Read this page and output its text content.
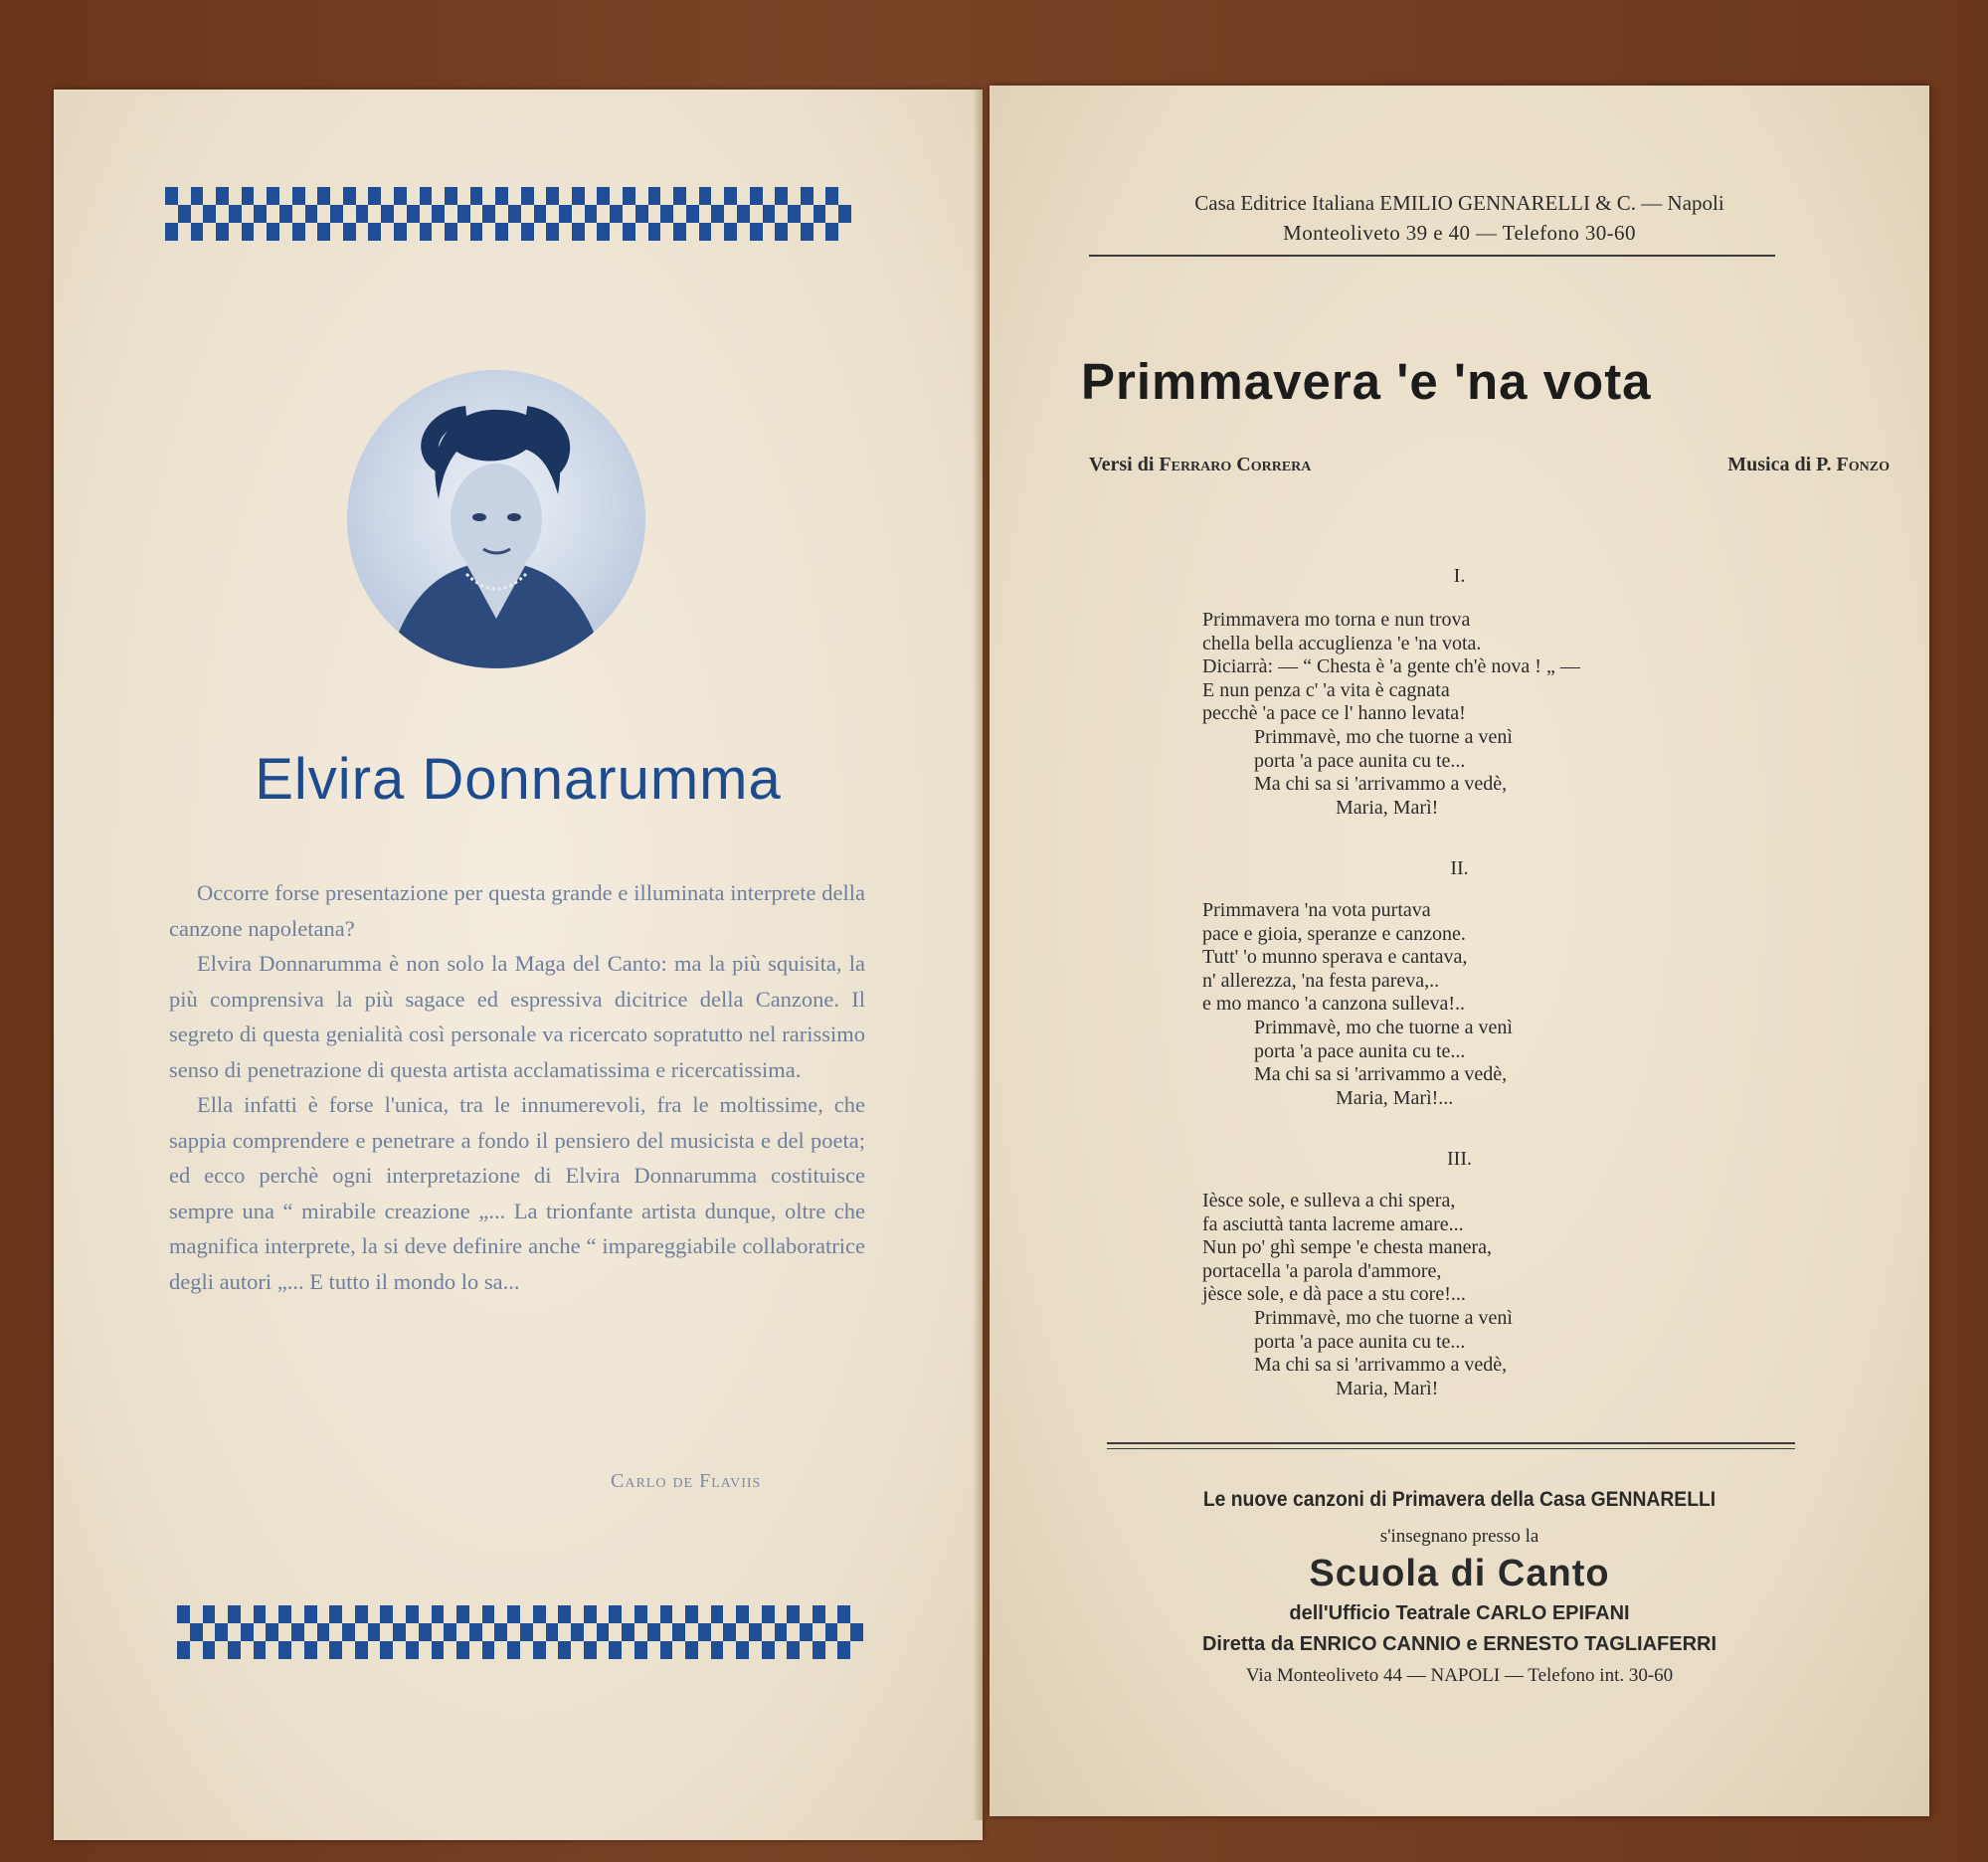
Elvira Donnarumma

Occorre forse presentazione per questa grande e illuminata interprete della canzone napoletana?

Elvira Donnarumma è non solo la Maga del Canto: ma la più squisita, la più comprensiva la più sagace ed espressiva dicitrice della Canzone. Il segreto di questa genialità così personale va ricercato sopratutto nel rarissimo senso di penetrazione di questa artista acclamatissima e ricercatissima.

Ella infatti è forse l'unica, tra le innumerevoli, fra le moltissime, che sappia comprendere e penetrare a fondo il pensiero del musicista e del poeta; ed ecco perchè ogni interpretazione di Elvira Donnarumma costituisce sempre una “ mirabile creazione „... La trionfante artista dunque, oltre che magnifica interprete, la si deve definire anche “ impareggiabile collaboratrice degli autori „... E tutto il mondo lo sa...

Carlo de Flaviis
Casa Editrice Italiana EMILIO GENNARELLI & C. — Napoli
Monteoliveto 39 e 40 — Telefono 30-60
Primmavera 'e 'na vota
Versi di Ferraro Correra	Musica di P. Fonzo
I.
Primmavera mo torna e nun trova
chella bella accuglienza 'e 'na vota.
Diciarrà: — “ Chesta è 'a gente ch'è nova ! „ —
E nun penza c' 'a vita è cagnata
pecchè 'a pace ce l' hanno levata!
Primmavè, mo che tuorne a venì
porta 'a pace aunita cu te...
Ma chi sa si 'arrivammo a vedè,
Maria, Marì!
II.
Primmavera 'na vota purtava
pace e gioia, speranze e canzone.
Tutt' 'o munno sperava e cantava,
n' allerezza, 'na festa pareva,..
e mo manco 'a canzona sulleva!..
Primmavè, mo che tuorne a venì
porta 'a pace aunita cu te...
Ma chi sa si 'arrivammo a vedè,
Maria, Marì!...
III.
Ièsce sole, e sulleva a chi spera,
fa asciuttà tanta lacreme amare...
Nun po' ghì sempe 'e chesta manera,
portacella 'a parola d'ammore,
jèsce sole, e dà pace a stu core!...
Primmavè, mo che tuorne a venì
porta 'a pace aunita cu te...
Ma chi sa si 'arrivammo a vedè,
Maria, Marì!
Le nuove canzoni di Primavera della Casa GENNARELLI
s'insegnano presso la
Scuola di Canto
dell'Ufficio Teatrale CARLO EPIFANI
Diretta da ENRICO CANNIO e ERNESTO TAGLIAFERRI
Via Monteoliveto 44 — NAPOLI — Telefono int. 30-60
